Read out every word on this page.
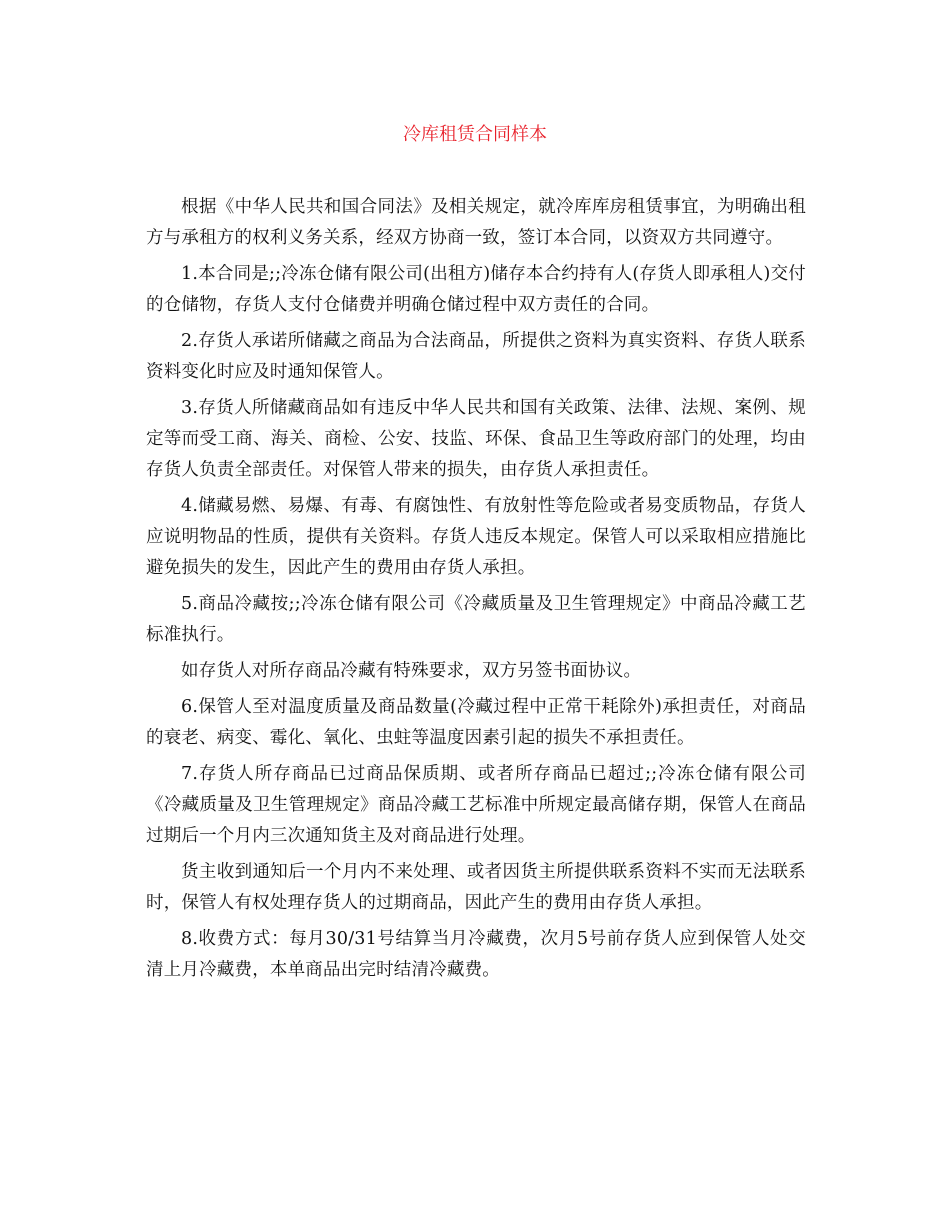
冷库租赁合同样本

根据《中华人民共和国合同法》及相关规定，就冷库库房租赁事宜，为明确出租方与承租方的权利义务关系，经双方协商一致，签订本合同，以资双方共同遵守。

1.本合同是;;冷冻仓储有限公司(出租方)储存本合约持有人(存货人即承租人)交付的仓储物，存货人支付仓储费并明确仓储过程中双方责任的合同。

2.存货人承诺所储藏之商品为合法商品，所提供之资料为真实资料、存货人联系资料变化时应及时通知保管人。

3.存货人所储藏商品如有违反中华人民共和国有关政策、法律、法规、案例、规定等而受工商、海关、商检、公安、技监、环保、食品卫生等政府部门的处理，均由存货人负责全部责任。对保管人带来的损失，由存货人承担责任。

4.储藏易燃、易爆、有毒、有腐蚀性、有放射性等危险或者易变质物品，存货人应说明物品的性质，提供有关资料。存货人违反本规定。保管人可以采取相应措施比避免损失的发生，因此产生的费用由存货人承担。

5.商品冷藏按;;冷冻仓储有限公司《冷藏质量及卫生管理规定》中商品冷藏工艺标准执行。

如存货人对所存商品冷藏有特殊要求，双方另签书面协议。

6.保管人至对温度质量及商品数量(冷藏过程中正常干耗除外)承担责任，对商品的衰老、病变、霉化、氧化、虫蛀等温度因素引起的损失不承担责任。

7.存货人所存商品已过商品保质期、或者所存商品已超过;;冷冻仓储有限公司《冷藏质量及卫生管理规定》商品冷藏工艺标准中所规定最高储存期，保管人在商品过期后一个月内三次通知货主及对商品进行处理。

货主收到通知后一个月内不来处理、或者因货主所提供联系资料不实而无法联系时，保管人有权处理存货人的过期商品，因此产生的费用由存货人承担。

8.收费方式：每月30/31号结算当月冷藏费，次月5号前存货人应到保管人处交清上月冷藏费，本单商品出完时结清冷藏费。
